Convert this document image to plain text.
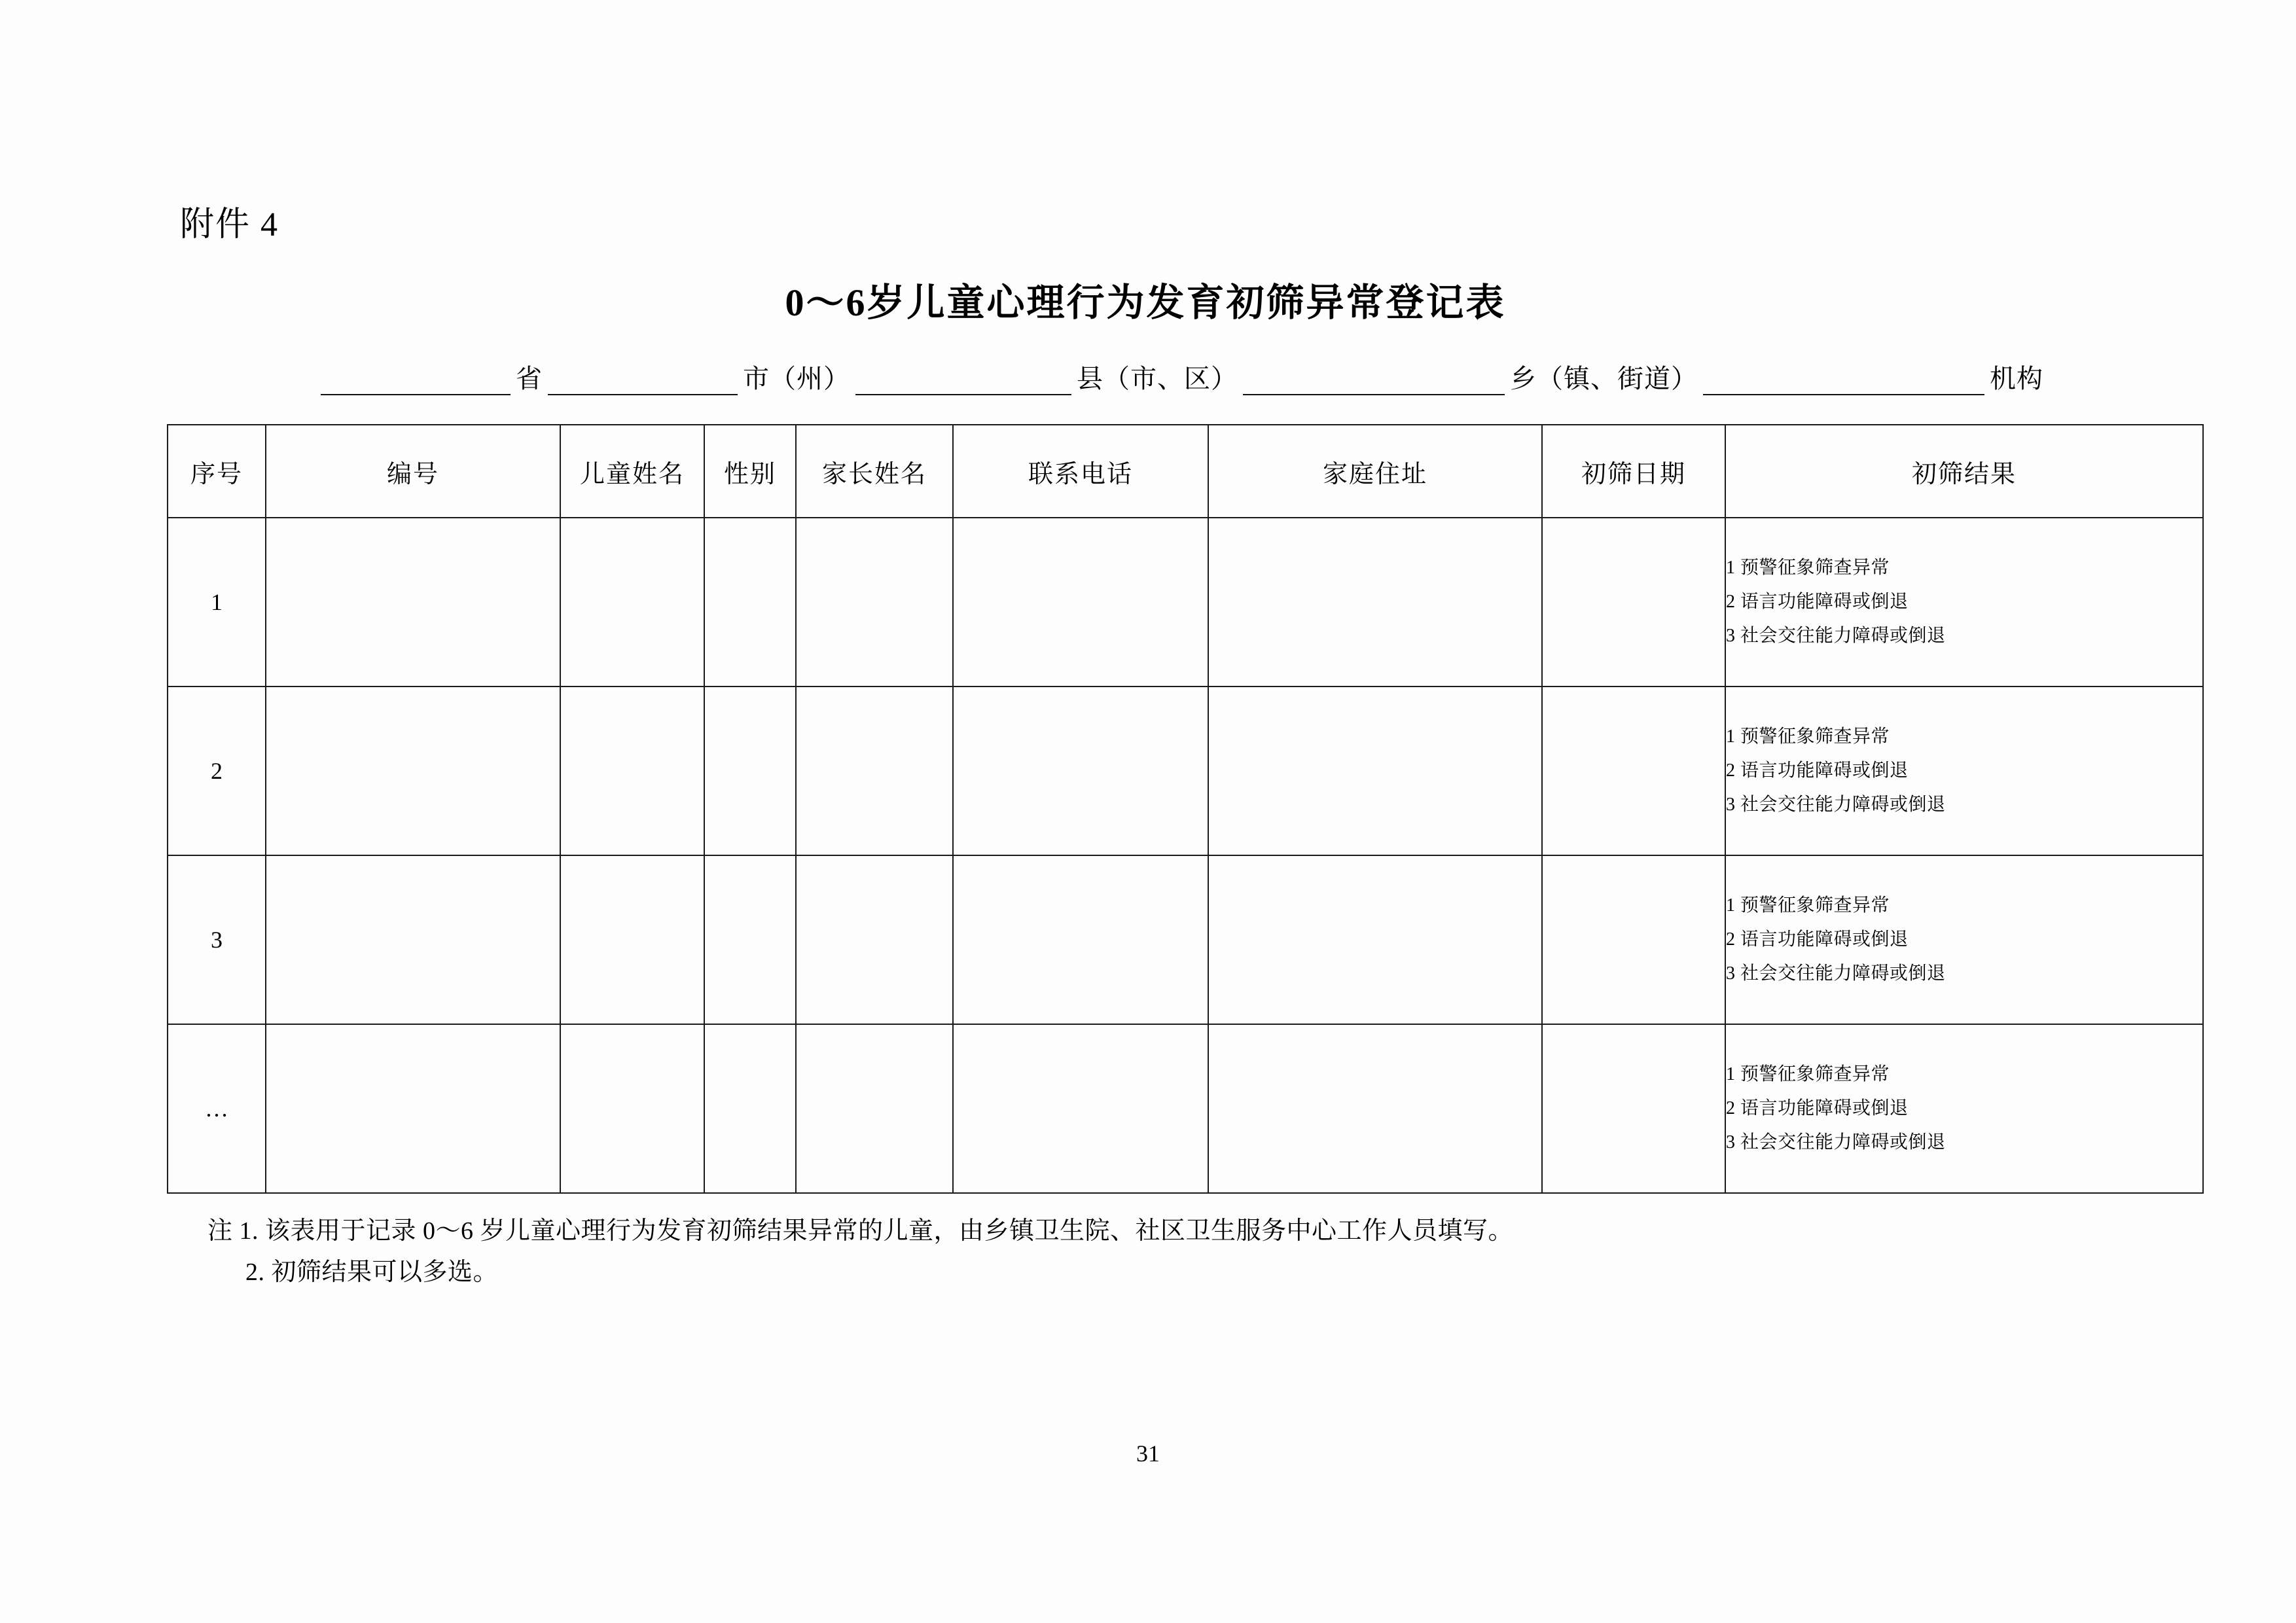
附件 4
0～6岁儿童心理行为发育初筛异常登记表
省	市（州）	县（市、区）	乡（镇、街道）	机构
序号	编号	儿童姓名	性别	家长姓名	联系电话	家庭住址	初筛日期	初筛结果
1								1 预警征象筛查异常
2 语言功能障碍或倒退
3 社会交往能力障碍或倒退

2								1 预警征象筛查异常
2 语言功能障碍或倒退
3 社会交往能力障碍或倒退

3								1 预警征象筛查异常
2 语言功能障碍或倒退
3 社会交往能力障碍或倒退

…								1 预警征象筛查异常
2 语言功能障碍或倒退
3 社会交往能力障碍或倒退
注 1. 该表用于记录 0～6 岁儿童心理行为发育初筛结果异常的儿童，由乡镇卫生院、社区卫生服务中心工作人员填写。
2. 初筛结果可以多选。
31
